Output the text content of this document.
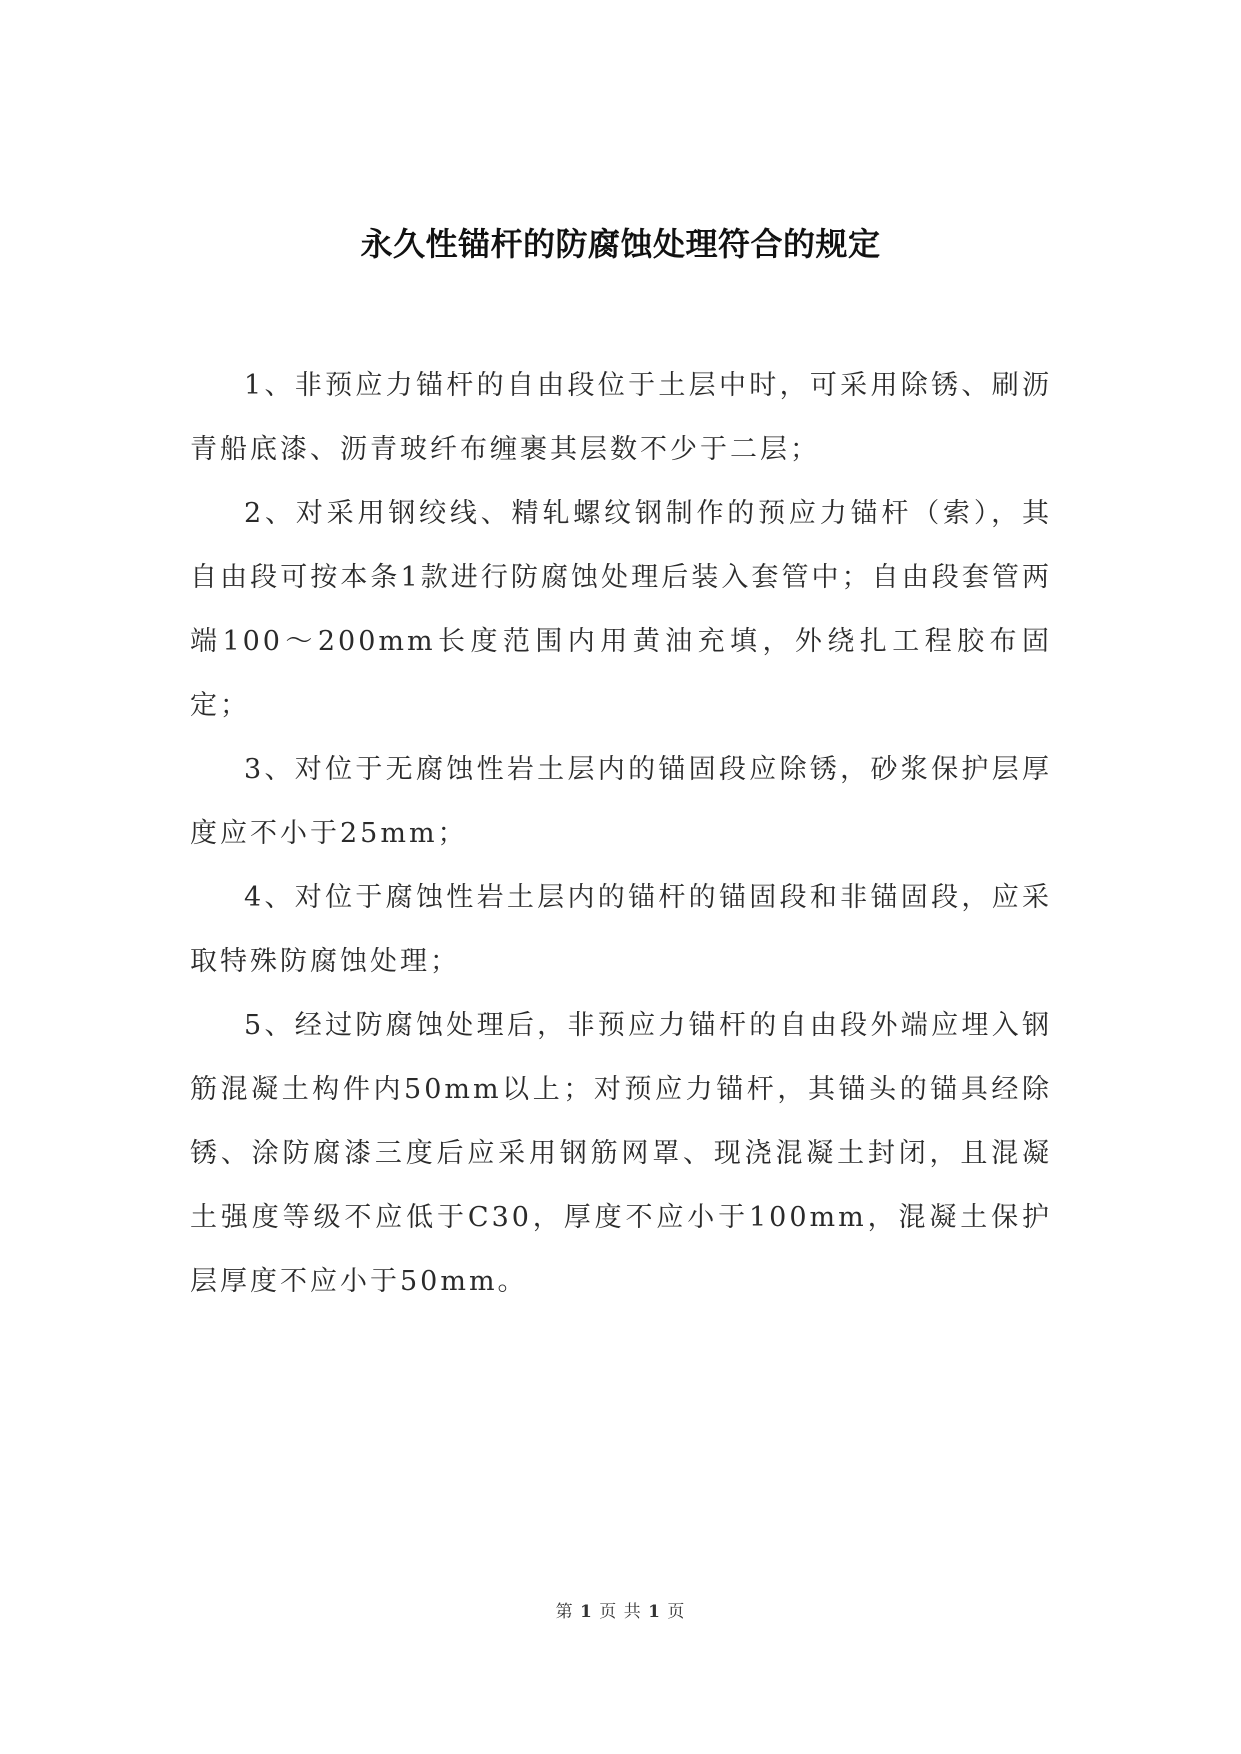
永久性锚杆的防腐蚀处理符合的规定

1、非预应力锚杆的自由段位于土层中时，可采用除锈、刷沥青船底漆、沥青玻纤布缠裹其层数不少于二层；

2、对采用钢绞线、精轧螺纹钢制作的预应力锚杆（索），其自由段可按本条1款进行防腐蚀处理后装入套管中；自由段套管两端100～200mm长度范围内用黄油充填，外绕扎工程胶布固定；

3、对位于无腐蚀性岩土层内的锚固段应除锈，砂浆保护层厚度应不小于25mm；

4、对位于腐蚀性岩土层内的锚杆的锚固段和非锚固段，应采取特殊防腐蚀处理；

5、经过防腐蚀处理后，非预应力锚杆的自由段外端应埋入钢筋混凝土构件内50mm以上；对预应力锚杆，其锚头的锚具经除锈、涂防腐漆三度后应采用钢筋网罩、现浇混凝土封闭，且混凝土强度等级不应低于C30，厚度不应小于100mm，混凝土保护层厚度不应小于50mm。

第 1 页 共 1 页
